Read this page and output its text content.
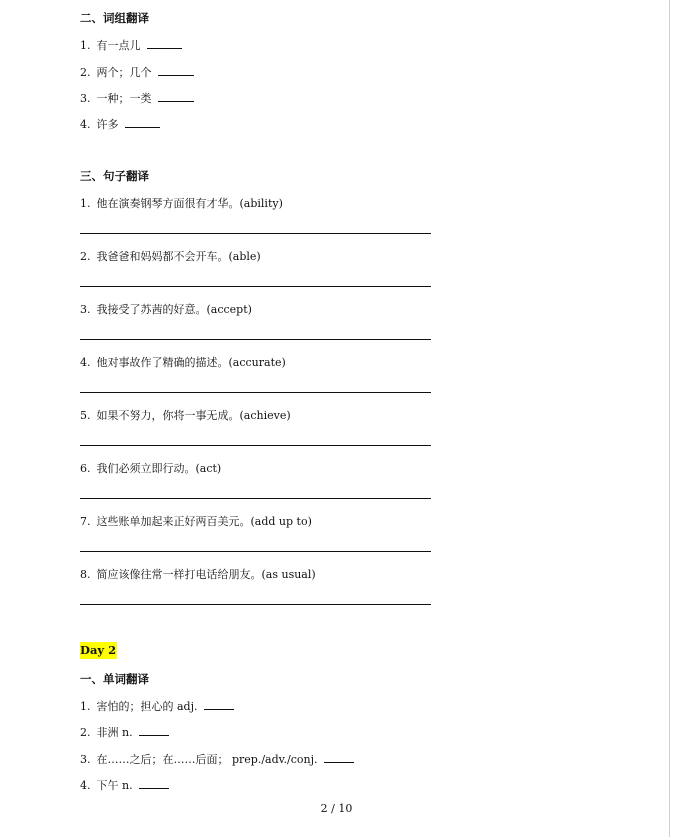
二、词组翻译
1. 有一点儿
2. 两个；几个
3. 一种；一类
4. 许多
三、句子翻译
1. 他在演奏钢琴方面很有才华。(ability)
2. 我爸爸和妈妈都不会开车。(able)
3. 我接受了苏茜的好意。(accept)
4. 他对事故作了精确的描述。(accurate)
5. 如果不努力，你将一事无成。(achieve)
6. 我们必须立即行动。(act)
7. 这些账单加起来正好两百美元。(add up to)
8. 简应该像往常一样打电话给朋友。(as usual)
Day 2
一、单词翻译
1. 害怕的；担心的 adj.
2. 非洲 n.
3. 在……之后；在……后面； prep./adv./conj.
4. 下午 n.
2 / 10
